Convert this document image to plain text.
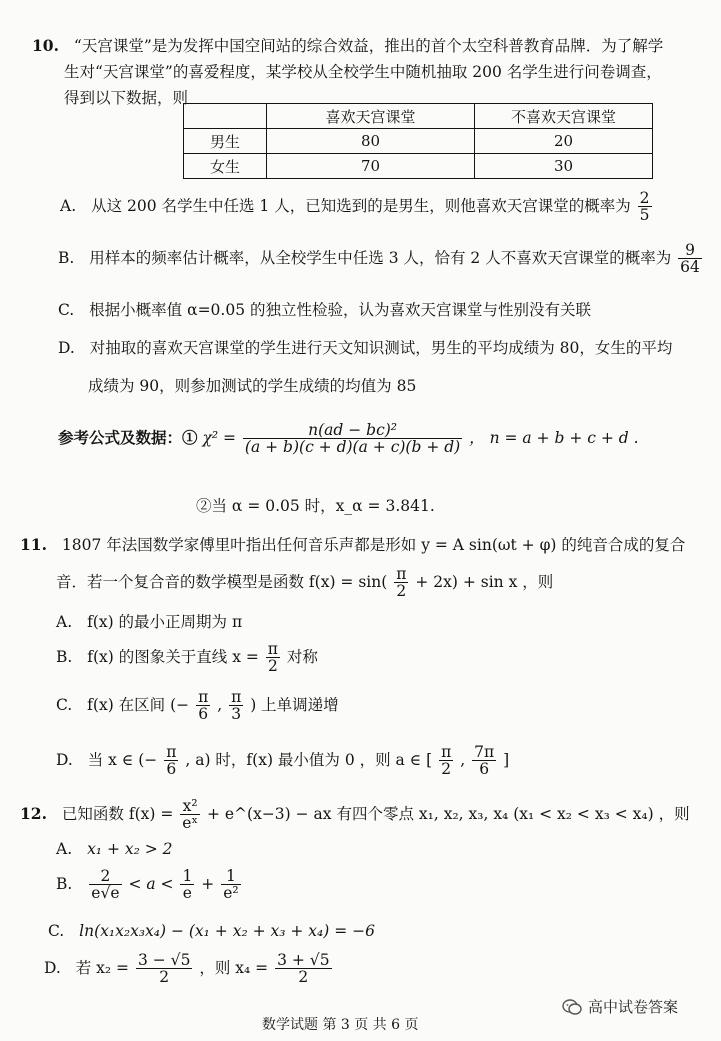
10. “天宫课堂”是为发挥中国空间站的综合效益，推出的首个太空科普教育品牌．为了解学
生对“天宫课堂”的喜爱程度，某学校从全校学生中随机抽取 200 名学生进行问卷调查，
得到以下数据，则
	喜欢天宫课堂	不喜欢天宫课堂
男生	80	20
女生	70	30
A. 从这 200 名学生中任选 1 人，已知选到的是男生，则他喜欢天宫课堂的概率为 $\frac{2}{5}$
B. 用样本的频率估计概率，从全校学生中任选 3 人，恰有 2 人不喜欢天宫课堂的概率为 $\frac{9}{64}$
C. 根据小概率值 α=0.05 的独立性检验，认为喜欢天宫课堂与性别没有关联
D. 对抽取的喜欢天宫课堂的学生进行天文知识测试，男生的平均成绩为 80，女生的平均
成绩为 90，则参加测试的学生成绩的均值为 85
参考公式及数据：① $\chi^2 = \frac{\text{n(ad − bc)²}}{(a + b)(c + d)(a + c)(b + d)}$ ， n = a + b + c + d .
②当 α = 0.05 时，x_α = 3.841.
11. 1807 年法国数学家傅里叶指出任何音乐声都是形如 y = A sin(ωt + φ) 的纯音合成的复合
音．若一个复合音的数学模型是函数 $f(x) = \sin( \frac{\pi}{2} + 2x) + \sin x$ ，则
A. f(x) 的最小正周期为 π
B. f(x) 的图象关于直线 $x = \frac{\pi}{2}$ 对称
C. f(x) 在区间 (− $\frac{\pi}{6}$ , $\frac{\pi}{3}$ ) 上单调递增
D. 当 x ∈ (− $\frac{\pi}{6}$ , a) 时，f(x) 最小值为 0 ，则 a ∈ [ $\frac{\pi}{2}$ , $\frac{7\pi}{6}$ ]
12. 已知函数 $f(x) = \frac{\text{x²}}{\text{eˣ}}$ + e^(x−3) − ax 有四个零点 x₁, x₂, x₃, x₄ (x₁ < x₂ < x₃ < x₄) ，则
A. x₁ + x₂ > 2
B. $\frac{2}{e√e} < a < \frac{1}{e} + \frac{1}{\text{e²}}$
C. ln(x₁x₂x₃x₄) − (x₁ + x₂ + x₃ + x₄) = −6
D. 若 $x_2 = \frac{3 - √5}{2}$ ，则 $x_4 = \frac{3 + √5}{2}$
数学试题 第 3 页 共 6 页
高中试卷答案
